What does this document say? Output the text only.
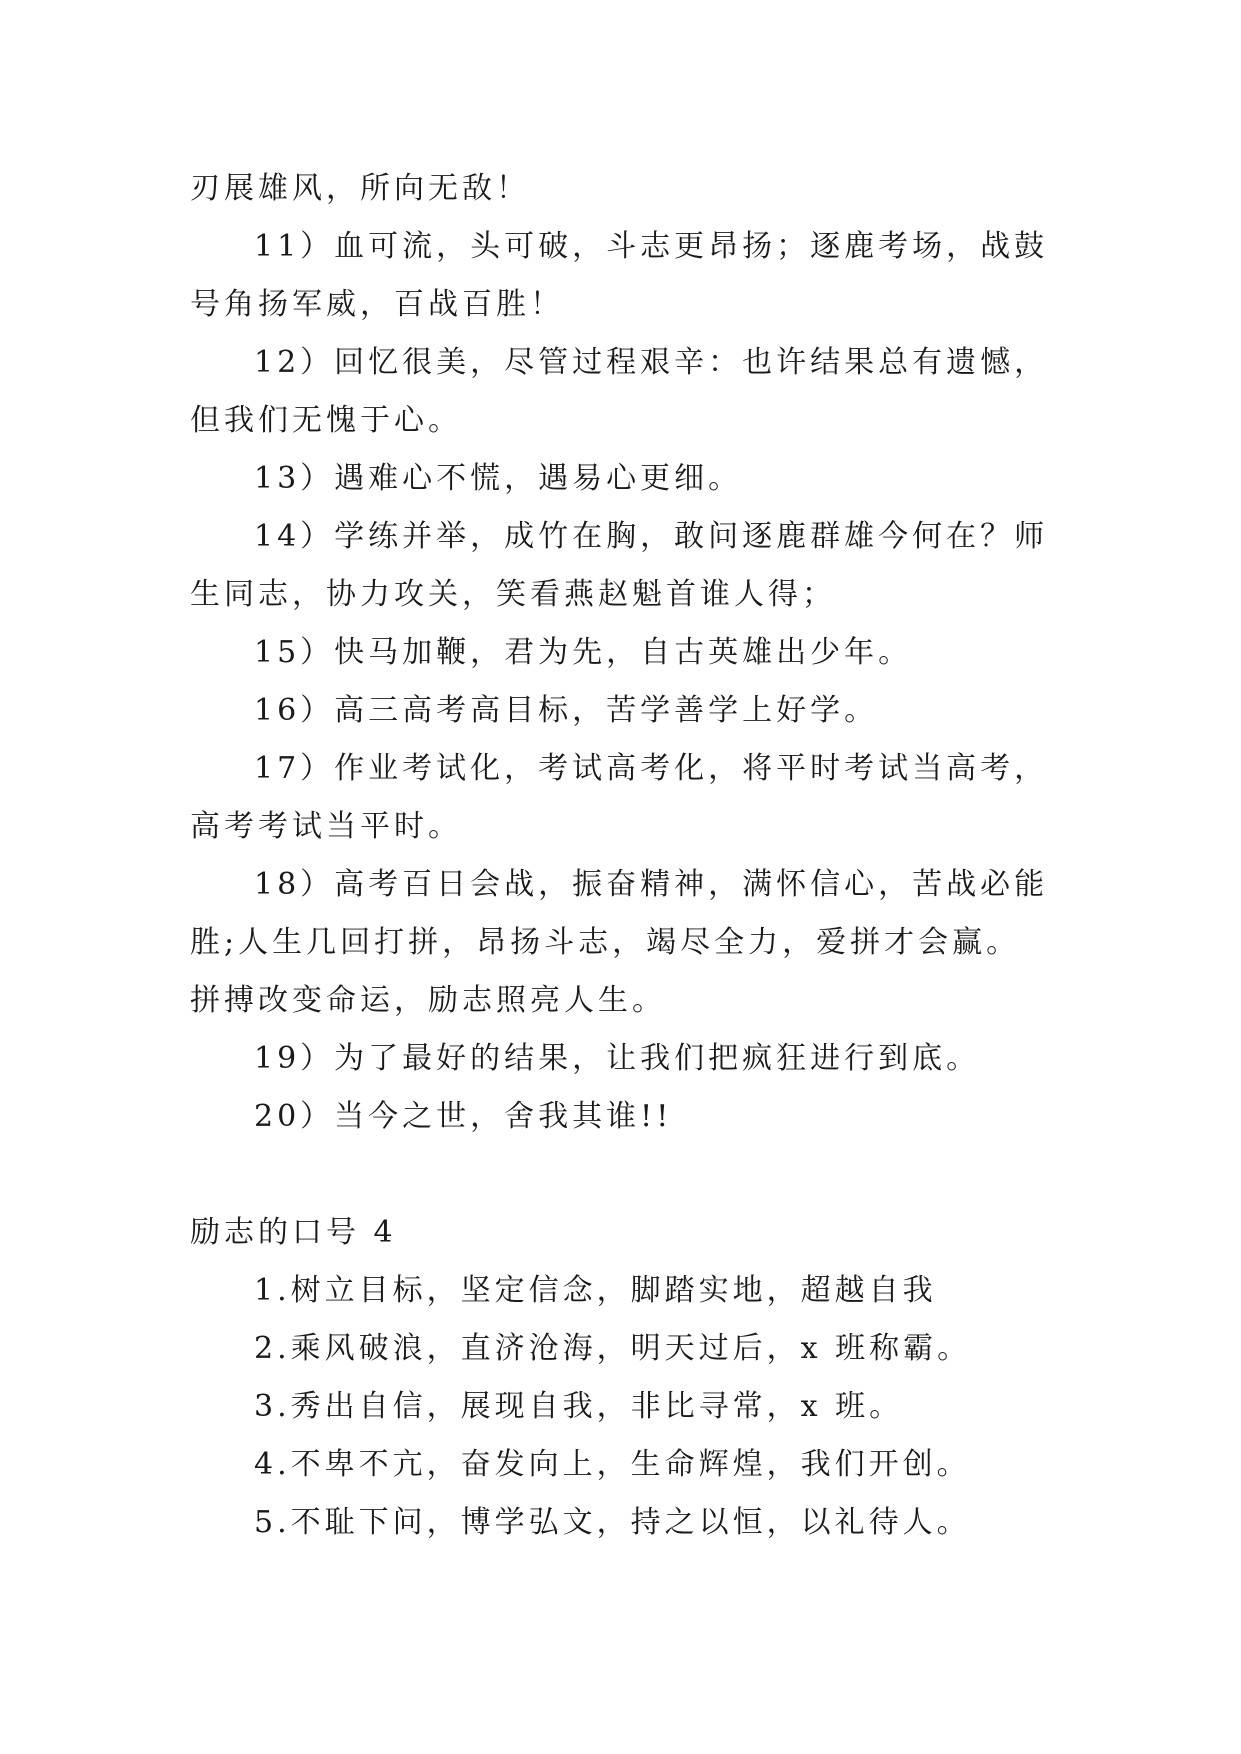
刃展雄风，所向无敌！

11）血可流，头可破，斗志更昂扬；逐鹿考场，战鼓号角扬军威，百战百胜！

12）回忆很美，尽管过程艰辛：也许结果总有遗憾，但我们无愧于心。

13）遇难心不慌，遇易心更细。

14）学练并举，成竹在胸，敢问逐鹿群雄今何在？师生同志，协力攻关，笑看燕赵魁首谁人得；

15）快马加鞭，君为先，自古英雄出少年。

16）高三高考高目标，苦学善学上好学。

17）作业考试化，考试高考化，将平时考试当高考，高考考试当平时。

18）高考百日会战，振奋精神，满怀信心，苦战必能胜;人生几回打拼，昂扬斗志，竭尽全力，爱拼才会赢。拼搏改变命运，励志照亮人生。

19）为了最好的结果，让我们把疯狂进行到底。

20）当今之世，舍我其谁!!

励志的口号 4

1.树立目标，坚定信念，脚踏实地，超越自我

2.乘风破浪，直济沧海，明天过后，x 班称霸。

3.秀出自信，展现自我，非比寻常，x 班。

4.不卑不亢，奋发向上，生命辉煌，我们开创。

5.不耻下问，博学弘文，持之以恒，以礼待人。
